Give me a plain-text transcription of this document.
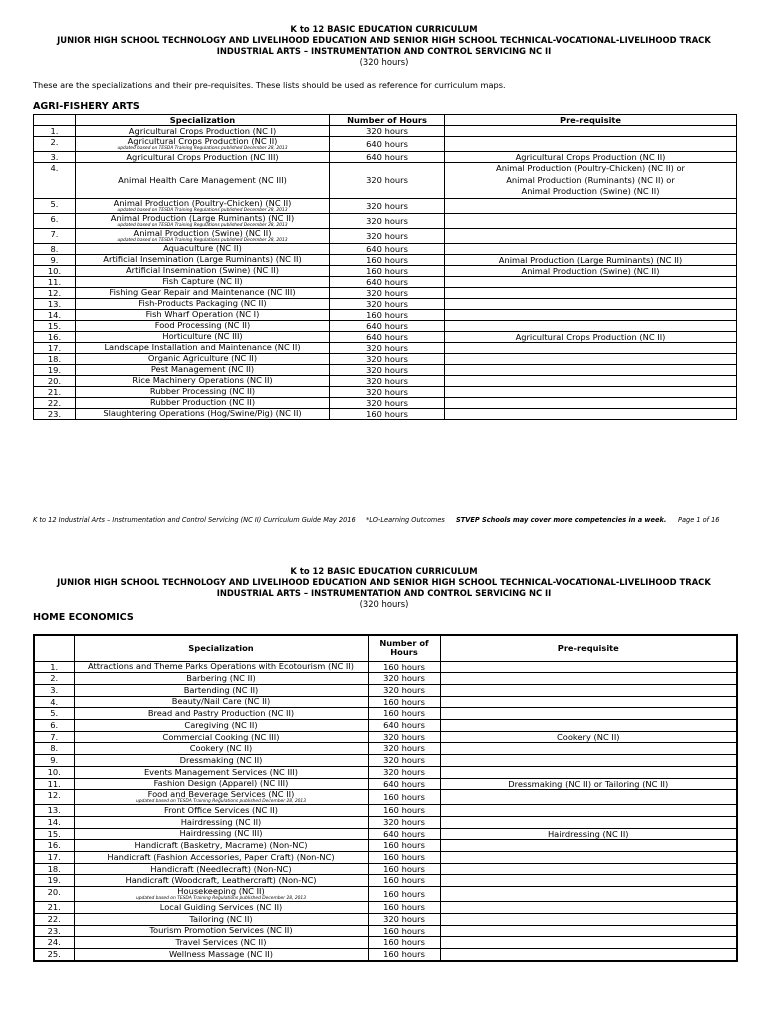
K to 12 BASIC EDUCATION CURRICULUM
JUNIOR HIGH SCHOOL TECHNOLOGY AND LIVELIHOOD EDUCATION AND SENIOR HIGH SCHOOL TECHNICAL-VOCATIONAL-LIVELIHOOD TRACK
INDUSTRIAL ARTS – INSTRUMENTATION AND CONTROL SERVICING NC II
(320 hours)
These are the specializations and their pre-requisites. These lists should be used as reference for curriculum maps.
AGRI-FISHERY ARTS
	Specialization	Number of Hours	Pre-requisite
1.	Agricultural Crops Production (NC I)	320 hours	
2.	Agricultural Crops Production (NC II)
updated based on TESDA Training Regulations published December 28, 2013	640 hours	
3.	Agricultural Crops Production (NC III)	640 hours	Agricultural Crops Production (NC II)
4.	Animal Health Care Management (NC III)	320 hours	Animal Production (Poultry-Chicken) (NC II) or
Animal Production (Ruminants) (NC II) or
Animal Production (Swine) (NC II)

5.	Animal Production (Poultry-Chicken) (NC II)
updated based on TESDA Training Regulations published December 28, 2013	320 hours	
6.	Animal Production (Large Ruminants) (NC II)
updated based on TESDA Training Regulations published December 28, 2013	320 hours	
7.	Animal Production (Swine) (NC II)
updated based on TESDA Training Regulations published December 28, 2013	320 hours	
8.	Aquaculture (NC II)	640 hours	
9.	Artificial Insemination (Large Ruminants) (NC II)	160 hours	Animal Production (Large Ruminants) (NC II)
10.	Artificial Insemination (Swine) (NC II)	160 hours	Animal Production (Swine) (NC II)
11.	Fish Capture (NC II)	640 hours	
12.	Fishing Gear Repair and Maintenance (NC III)	320 hours	
13.	Fish-Products Packaging (NC II)	320 hours	
14.	Fish Wharf Operation (NC I)	160 hours	
15.	Food Processing (NC II)	640 hours	
16.	Horticulture (NC III)	640 hours	Agricultural Crops Production (NC II)
17.	Landscape Installation and Maintenance (NC II)	320 hours	
18.	Organic Agriculture (NC II)	320 hours	
19.	Pest Management (NC II)	320 hours	
20.	Rice Machinery Operations (NC II)	320 hours	
21.	Rubber Processing (NC II)	320 hours	
22.	Rubber Production (NC II)	320 hours	
23.	Slaughtering Operations (Hog/Swine/Pig) (NC II)	160 hours	
K to 12 Industrial Arts – Instrumentation and Control Servicing (NC II) Curriculum Guide May 2016 *LO-Learning Outcomes STVEP Schools may cover more competencies in a week. Page 1 of 16
K to 12 BASIC EDUCATION CURRICULUM
JUNIOR HIGH SCHOOL TECHNOLOGY AND LIVELIHOOD EDUCATION AND SENIOR HIGH SCHOOL TECHNICAL-VOCATIONAL-LIVELIHOOD TRACK
INDUSTRIAL ARTS – INSTRUMENTATION AND CONTROL SERVICING NC II
(320 hours)
HOME ECONOMICS
	Specialization	Number of
Hours	Pre-requisite
1.	Attractions and Theme Parks Operations with Ecotourism (NC II)	160 hours	
2.	Barbering (NC II)	320 hours	
3.	Bartending (NC II)	320 hours	
4.	Beauty/Nail Care (NC II)	160 hours	
5.	Bread and Pastry Production (NC II)	160 hours	
6.	Caregiving (NC II)	640 hours	
7.	Commercial Cooking (NC III)	320 hours	Cookery (NC II)
8.	Cookery (NC II)	320 hours	
9.	Dressmaking (NC II)	320 hours	
10.	Events Management Services (NC III)	320 hours	
11.	Fashion Design (Apparel) (NC III)	640 hours	Dressmaking (NC II) or Tailoring (NC II)
12.	Food and Beverage Services (NC II)
updated based on TESDA Training Regulations published December 28, 2013	160 hours	
13.	Front Office Services (NC II)	160 hours	
14.	Hairdressing (NC II)	320 hours	
15.	Hairdressing (NC III)	640 hours	Hairdressing (NC II)
16.	Handicraft (Basketry, Macrame) (Non-NC)	160 hours	
17.	Handicraft (Fashion Accessories, Paper Craft) (Non-NC)	160 hours	
18.	Handicraft (Needlecraft) (Non-NC)	160 hours	
19.	Handicraft (Woodcraft, Leathercraft) (Non-NC)	160 hours	
20.	Housekeeping (NC II)
updated based on TESDA Training Regulations published December 28, 2013	160 hours	
21.	Local Guiding Services (NC II)	160 hours	
22.	Tailoring (NC II)	320 hours	
23.	Tourism Promotion Services (NC II)	160 hours	
24.	Travel Services (NC II)	160 hours	
25.	Wellness Massage (NC II)	160 hours	
